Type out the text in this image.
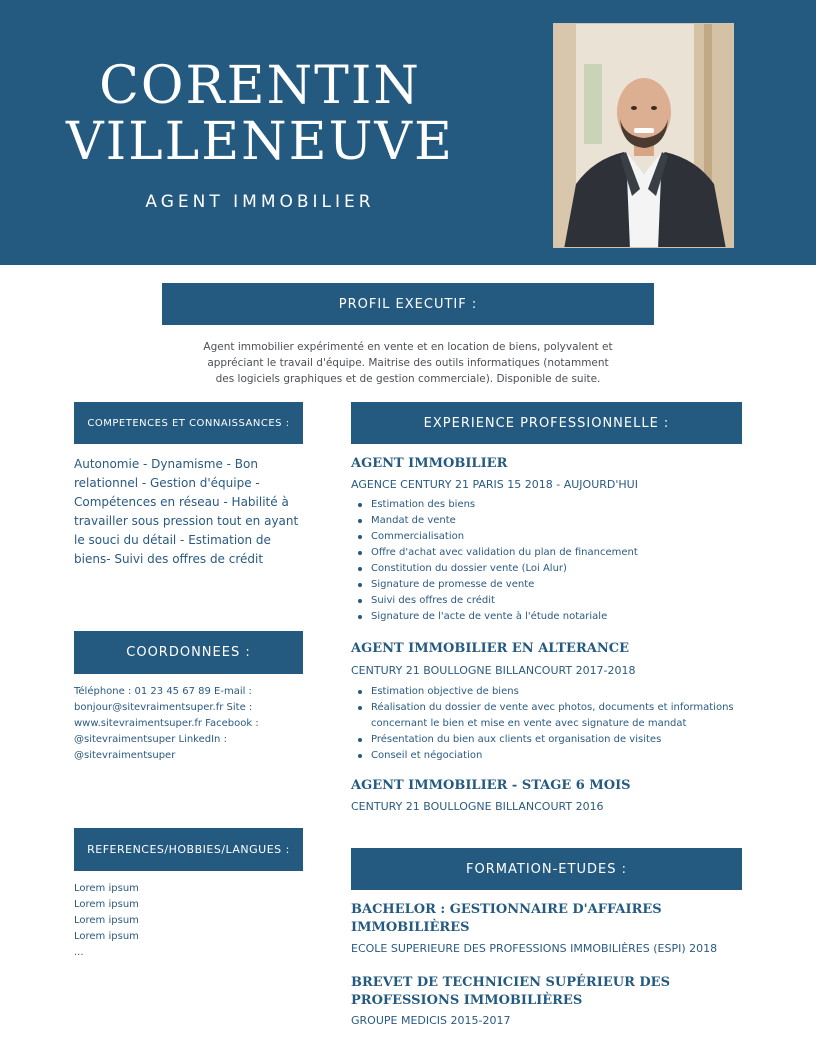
CORENTIN
VILLENEUVE
AGENT IMMOBILIER
PROFIL EXECUTIF :
Agent immobilier expérimenté en vente et en location de biens, polyvalent et appréciant le travail d'équipe. Maitrise des outils informatiques (notamment des logiciels graphiques et de gestion commerciale). Disponible de suite.
COMPETENCES ET CONNAISSANCES :
Autonomie - Dynamisme - Bon relationnel - Gestion d'équipe - Compétences en réseau - Habilité à travailler sous pression tout en ayant le souci du détail - Estimation de biens- Suivi des offres de crédit
COORDONNEES :
Téléphone : 01 23 45 67 89 E-mail : bonjour@sitevraimentsuper.fr Site : www.sitevraimentsuper.fr Facebook : @sitevraimentsuper LinkedIn : @sitevraimentsuper
REFERENCES/HOBBIES/LANGUES :
Lorem ipsum
Lorem ipsum
Lorem ipsum
Lorem ipsum
...
EXPERIENCE PROFESSIONNELLE :
AGENT IMMOBILIER
AGENCE CENTURY 21 PARIS 15 2018 - AUJOURD'HUI
Estimation des biens
Mandat de vente
Commercialisation
Offre d'achat avec validation du plan de financement
Constitution du dossier vente (Loi Alur)
Signature de promesse de vente
Suivi des offres de crédit
Signature de l'acte de vente à l'étude notariale
AGENT IMMOBILIER EN ALTERANCE
CENTURY 21 BOULLOGNE BILLANCOURT 2017-2018
Estimation objective de biens
Réalisation du dossier de vente avec photos, documents et informations concernant le bien et mise en vente avec signature de mandat
Présentation du bien aux clients et organisation de visites
Conseil et négociation
AGENT IMMOBILIER - STAGE 6 MOIS
CENTURY 21 BOULLOGNE BILLANCOURT 2016
FORMATION-ETUDES :
BACHELOR : GESTIONNAIRE D'AFFAIRES IMMOBILIÈRES
ECOLE SUPERIEURE DES PROFESSIONS IMMOBILIÈRES (ESPI) 2018
BREVET DE TECHNICIEN SUPÉRIEUR DES PROFESSIONS IMMOBILIÈRES
GROUPE MEDICIS 2015-2017
